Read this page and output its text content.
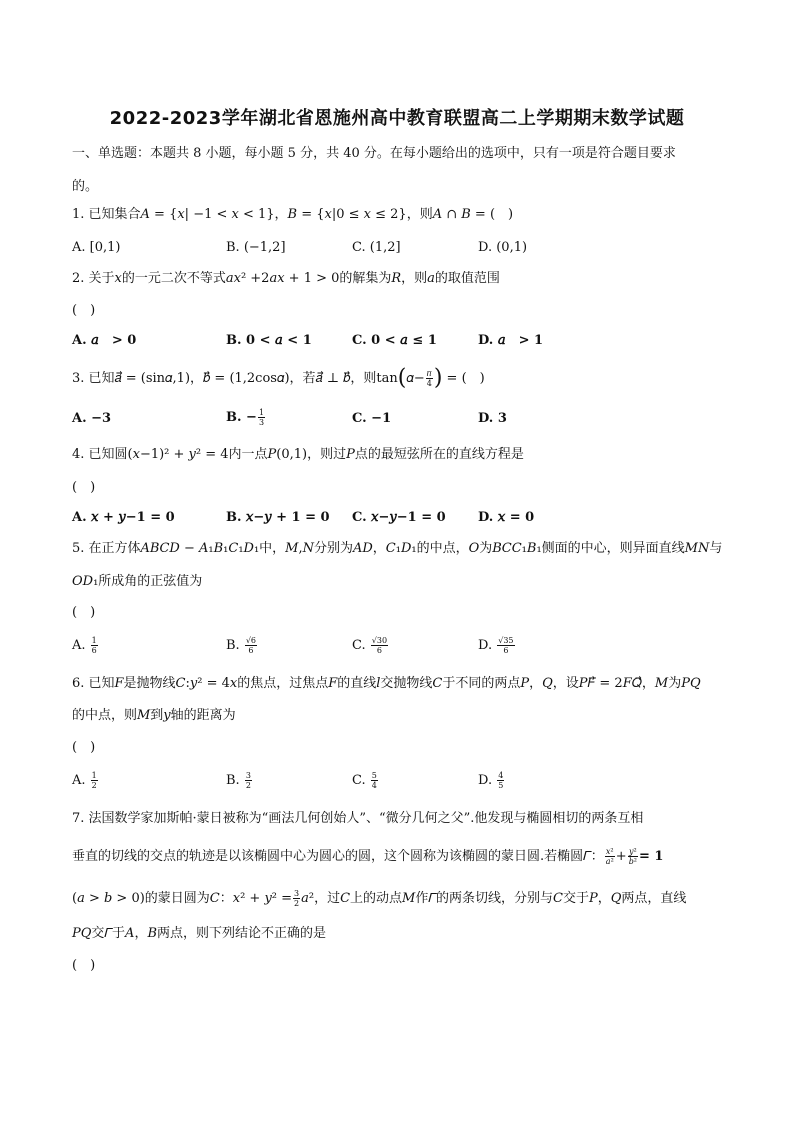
2022-2023学年湖北省恩施州高中教育联盟高二上学期期末数学试题
一、单选题：本题共 8 小题，每小题 5 分，共 40 分。在每小题给出的选项中，只有一项是符合题目要求
的。
1. 已知集合𝐴 = {𝑥| −1 < 𝑥 < 1}，𝐵 = {𝑥|0 ≤ 𝑥 ≤ 2}，则𝐴 ∩ 𝐵 = (　)
A. [0,1)	B. (−1,2]	C. (1,2]	D. (0,1)
2. 关于𝑥的一元二次不等式𝑎𝑥² +2𝑎𝑥 + 1 > 0的解集为𝑅，则𝑎的取值范围
(　)
A. 𝑎　> 0	B. 0 < 𝑎 < 1	C. 0 < 𝑎 ≤ 1	D. 𝑎　> 1
3. 已知𝑎⃗ = (sin𝛼,1)，𝑏⃗ = (1,2cos𝛼)，若𝑎⃗ ⊥ 𝑏⃗，则tan(𝛼− $\frac{\text{𝜋}}{4}$ ) = (　)
A. −3	B. − $\frac{1}{3}$	C. −1	D. 3
4. 已知圆(𝑥−1)² + 𝑦² = 4内一点𝑃(0,1)，则过𝑃点的最短弦所在的直线方程是
(　)
A. 𝑥 + 𝑦−1 = 0	B. 𝑥−𝑦 + 1 = 0 C. 𝑥−𝑦−1 = 0 D. 𝑥 = 0
5. 在正方体𝐴𝐵𝐶𝐷 − 𝐴₁𝐵₁𝐶₁𝐷₁中，𝑀,𝑁分别为𝐴𝐷，𝐶₁𝐷₁的中点，𝑂为𝐵𝐶𝐶₁𝐵₁侧面的中心，则异面直线𝑀𝑁与
𝑂𝐷₁所成角的正弦值为
(　)
A. $\frac{1}{6}$	B. $\frac{√6}{6}$	C. $\frac{√30}{6}$	D. $\frac{√35}{6}$
6. 已知𝐹是抛物线𝐶:𝑦² = 4𝑥的焦点，过焦点𝐹的直线𝑙交抛物线𝐶于不同的两点𝑃，𝑄，设𝑃𝐹⃗ = 2𝐹𝑄⃗，𝑀为𝑃𝑄
的中点，则𝑀到𝑦轴的距离为
(　)
A. $\frac{1}{2}$	B. $\frac{3}{2}$	C. $\frac{5}{4}$	D. $\frac{4}{5}$
7. 法国数学家加斯帕·蒙日被称为“画法几何创始人”、“微分几何之父”.他发现与椭圆相切的两条互相
垂直的切线的交点的轨迹是以该椭圆中心为圆心的圆，这个圆称为该椭圆的蒙日圆.若椭圆𝛤： $\frac{\text{𝑥²}}{\text{𝑎²}} + \frac{\text{𝑦²}}{\text{𝑏²}} = 1$
(𝑎 > 𝑏 > 0)的蒙日圆为𝐶：𝑥² + 𝑦² = $\frac{3}{2}$ 𝑎²，过𝐶上的动点𝑀作𝛤的两条切线，分别与𝐶交于𝑃，𝑄两点，直线
𝑃𝑄交𝛤于𝐴，𝐵两点，则下列结论不正确的是
(　)
